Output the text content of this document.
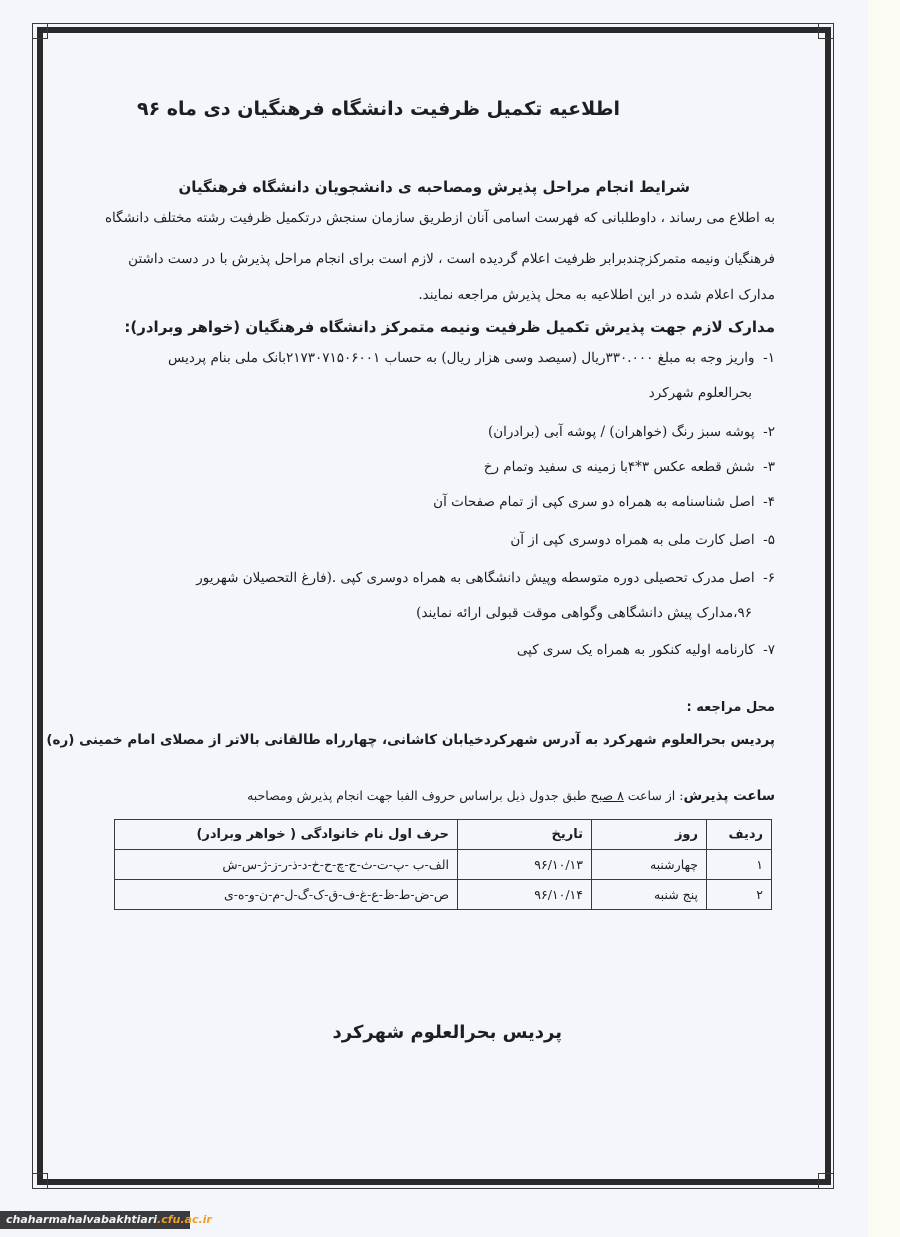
اطلاعیه تکمیل ظرفیت دانشگاه فرهنگیان دی ماه ۹۶
شرایط انجام مراحل پذیرش ومصاحبه ی دانشجویان دانشگاه فرهنگیان
به اطلاع می رساند ، داوطلبانی که فهرست اسامی آنان ازطریق سازمان سنجش درتکمیل ظرفیت رشته مختلف دانشگاه
فرهنگیان ونیمه متمرکزچندبرابر ظرفیت اعلام گردیده است ، لازم است برای انجام مراحل پذیرش با در دست داشتن
مدارک اعلام شده در این اطلاعیه به محل پذیرش مراجعه نمایند.
مدارک لازم جهت پذیرش تکمیل ظرفیت ونیمه متمرکز دانشگاه فرهنگیان (خواهر وبرادر):
۱-  واریز وجه به مبلغ ۳۳۰.۰۰۰ریال (سیصد وسی هزار ریال) به حساب ۲۱۷۳۰۷۱۵۰۶۰۰۱بانک ملی بنام پردیس
بحرالعلوم شهرکرد
۲-  پوشه سبز رنگ (خواهران) / پوشه آبی (برادران)
۳-  شش قطعه عکس ۳*۴با زمینه ی سفید وتمام رخ
۴-  اصل شناسنامه به همراه دو سری کپی از تمام صفحات آن
۵-  اصل کارت ملی به همراه دوسری کپی از آن
۶-  اصل مدرک تحصیلی دوره متوسطه وپیش دانشگاهی به همراه دوسری کپی .(فارغ التحصیلان شهریور
۹۶،مدارک پیش دانشگاهی وگواهی موقت قبولی ارائه نمایند)
۷-  کارنامه اولیه کنکور به همراه یک سری کپی
محل مراجعه :
پردیس بحرالعلوم شهرکرد به آدرس شهرکردخیابان کاشانی، چهارراه طالقانی بالاتر از مصلای امام خمینی (ره)
ساعت پذیرش: از ساعت ۸ صبح طبق جدول ذیل براساس حروف الفبا جهت انجام پذیرش ومصاحبه
ردیف	روز	تاریخ	حرف اول نام خانوادگی ( خواهر وبرادر)
۱	چهارشنبه	۹۶/۱۰/۱۳	الف-ب -پ-ت-ث-ج-چ-ح-خ-د-ذ-ر-ز-ژ-س-ش
۲	پنج شنبه	۹۶/۱۰/۱۴	ص-ض-ط-ظ-ع-غ-ف-ق-ک-گ-ل-م-ن-و-ه-ی
پردیس بحرالعلوم شهرکرد
chaharmahalvabakhtiari.cfu.ac.ir
